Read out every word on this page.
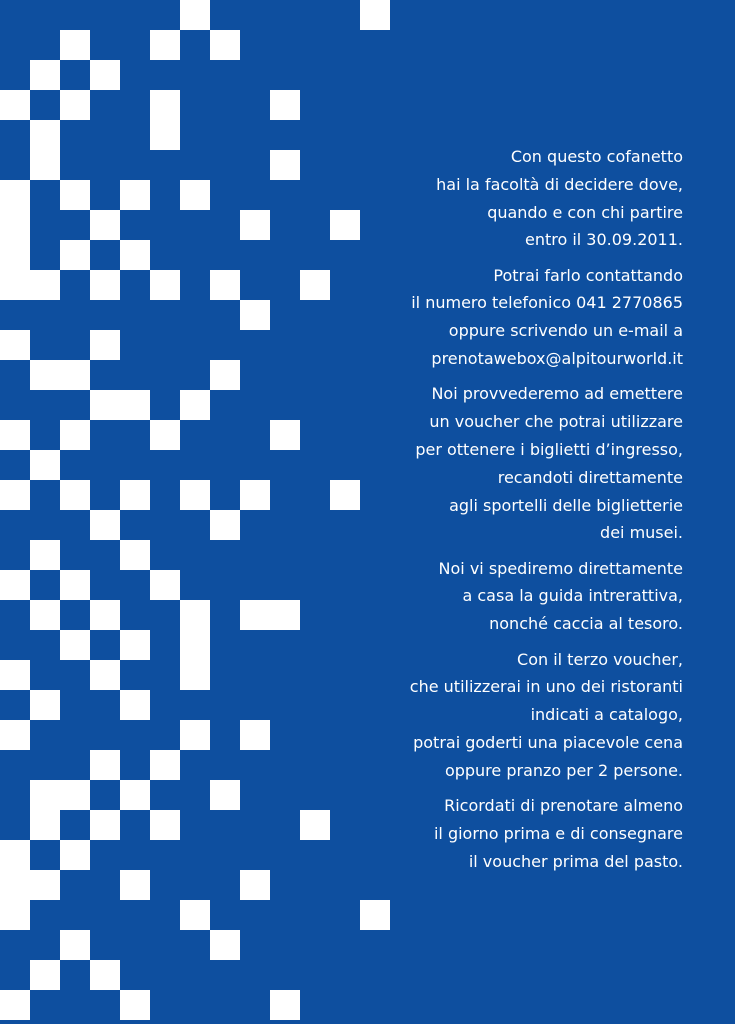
Con questo cofanetto
hai la facoltà di decidere dove,
quando e con chi partire
entro il 30.09.2011.
Potrai farlo contattando
il numero telefonico 041 2770865
oppure scrivendo un e-mail a
prenotawebox@alpitourworld.it
Noi provvederemo ad emettere
un voucher che potrai utilizzare
per ottenere i biglietti d’ingresso,
recandoti direttamente
agli sportelli delle biglietterie
dei musei.
Noi vi spediremo direttamente
a casa la guida intrerattiva,
nonché caccia al tesoro.
Con il terzo voucher,
che utilizzerai in uno dei ristoranti
indicati a catalogo,
potrai goderti una piacevole cena
oppure pranzo per 2 persone.
Ricordati di prenotare almeno
il giorno prima e di consegnare
il voucher prima del pasto.
